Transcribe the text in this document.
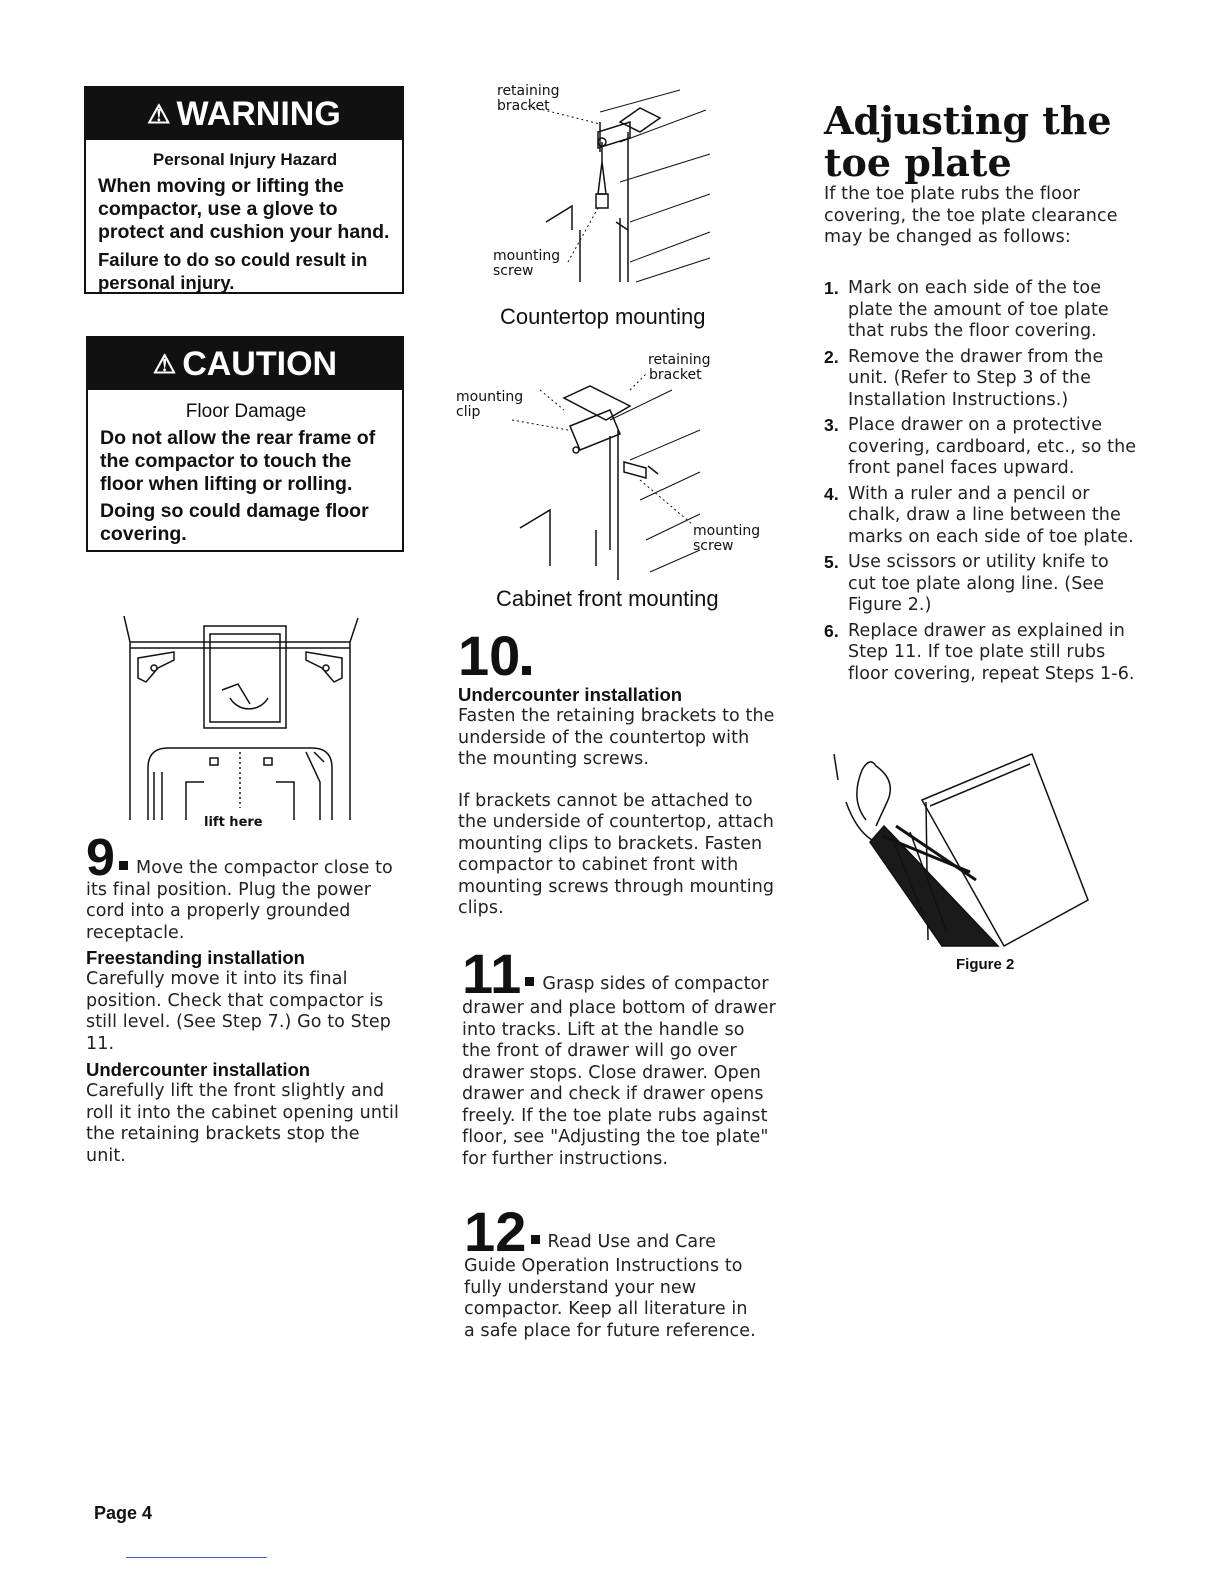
⚠ WARNING

Personal Injury Hazard

When moving or lifting the compactor, use a glove to protect and cushion your hand.

Failure to do so could result in personal injury.

⚠ CAUTION

Floor Damage

Do not allow the rear frame of the compactor to touch the floor when lifting or rolling.

Doing so could damage floor covering.

lift here
9 Move the compactor close to its final position. Plug the power cord into a properly grounded receptacle.
Freestanding installation
Carefully move it into its final position. Check that compactor is still level. (See Step 7.) Go to Step 11.
Undercounter installation
Carefully lift the front slightly and roll it into the cabinet opening until the retaining brackets stop the unit.
retaining
bracket
mounting
screw
Countertop mounting
retaining
bracket
mounting
clip
mounting
screw
Cabinet front mounting
10
Undercounter installation
Fasten the retaining brackets to the underside of the countertop with the mounting screws.
If brackets cannot be attached to the underside of countertop, attach mounting clips to brackets. Fasten compactor to cabinet front with mounting screws through mounting clips.
11 Grasp sides of compactor drawer and place bottom of drawer into tracks. Lift at the handle so the front of drawer will go over drawer stops. Close drawer. Open drawer and check if drawer opens freely. If the toe plate rubs against floor, see "Adjusting the toe plate" for further instructions.
12 Read Use and Care Guide Operation Instructions to fully understand your new compactor. Keep all literature in a safe place for future reference.
Adjusting the
toe plate
If the toe plate rubs the floor covering, the toe plate clearance may be changed as follows:
1. Mark on each side of the toe plate the amount of toe plate that rubs the floor covering.
2. Remove the drawer from the unit. (Refer to Step 3 of the Installation Instructions.)
3. Place drawer on a protective covering, cardboard, etc., so the front panel faces upward.
4. With a ruler and a pencil or chalk, draw a line between the marks on each side of toe plate.
5. Use scissors or utility knife to cut toe plate along line. (See Figure 2.)
6. Replace drawer as explained in Step 11. If toe plate still rubs floor covering, repeat Steps 1-6.
Figure 2
Page 4
